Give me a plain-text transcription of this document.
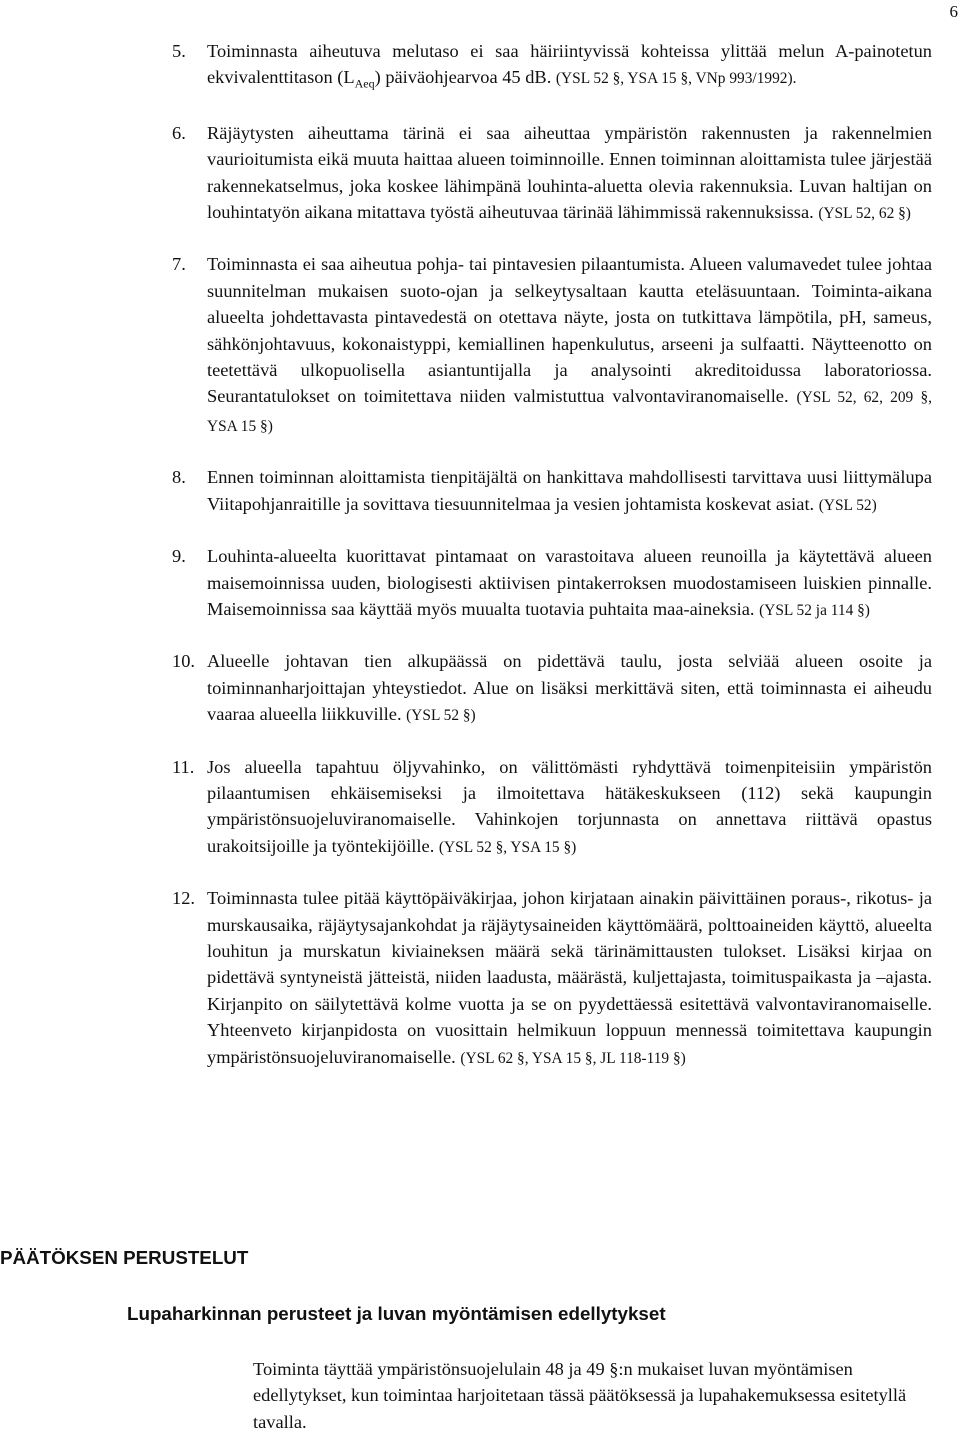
6
5. Toiminnasta aiheutuva melutaso ei saa häiriintyvissä kohteissa ylittää melun A-painotetun ekvivalenttitason $(L_{Aeq})$ päiväohjearvoa 45 dB. (YSL 52 §, YSA 15 §, VNp 993/1992).
6. Räjäytysten aiheuttama tärinä ei saa aiheuttaa ympäristön rakennusten ja rakennelmien vaurioitumista eikä muuta haittaa alueen toiminnoille. Ennen toiminnan aloittamista tulee järjestää rakennekatselmus, joka koskee lähimpänä louhinta-aluetta olevia rakennuksia. Luvan haltijan on louhintatyön aikana mitattava työstä aiheutuvaa tärinää lähimmissä rakennuksissa. (YSL 52, 62 §)
7. Toiminnasta ei saa aiheutua pohja- tai pintavesien pilaantumista. Alueen valumavedet tulee johtaa suunnitelman mukaisen suoto-ojan ja selkeytysaltaan kautta eteläsuuntaan. Toiminta-aikana alueelta johdettavasta pintavedestä on otettava näyte, josta on tutkittava lämpötila, pH, sameus, sähkönjohtavuus, kokonaistyppi, kemiallinen hapenkulutus, arseeni ja sulfaatti. Näytteenotto on teetettävä ulkopuolisella asiantuntijalla ja analysointi akreditoidussa laboratoriossa. Seurantatulokset on toimitettava niiden valmistuttua valvontaviranomaiselle. (YSL 52, 62, 209 §, YSA 15 §)
8. Ennen toiminnan aloittamista tienpitäjältä on hankittava mahdollisesti tarvittava uusi liittymälupa Viitapohjanraitille ja sovittava tiesuunnitelmaa ja vesien johtamista koskevat asiat. (YSL 52)
9. Louhinta-alueelta kuorittavat pintamaat on varastoitava alueen reunoilla ja käytettävä alueen maisemoinnissa uuden, biologisesti aktiivisen pintakerroksen muodostamiseen luiskien pinnalle. Maisemoinnissa saa käyttää myös muualta tuotavia puhtaita maa-aineksia. (YSL 52 ja 114 §)
10. Alueelle johtavan tien alkupäässä on pidettävä taulu, josta selviää alueen osoite ja toiminnanharjoittajan yhteystiedot. Alue on lisäksi merkittävä siten, että toiminnasta ei aiheudu vaaraa alueella liikkuville. (YSL 52 §)
11. Jos alueella tapahtuu öljyvahinko, on välittömästi ryhdyttävä toimenpiteisiin ympäristön pilaantumisen ehkäisemiseksi ja ilmoitettava hätäkeskukseen (112) sekä kaupungin ympäristönsuojeluviranomaiselle. Vahinkojen torjunnasta on annettava riittävä opastus urakoitsijoille ja työntekijöille. (YSL 52 §, YSA 15 §)
12. Toiminnasta tulee pitää käyttöpäiväkirjaa, johon kirjataan ainakin päivittäinen poraus-, rikotus- ja murskausaika, räjäytysajankohdat ja räjäytysaineiden käyttömäärä, polttoaineiden käyttö, alueelta louhitun ja murskatun kiviaineksen määrä sekä tärinämittausten tulokset. Lisäksi kirjaa on pidettävä syntyneistä jätteistä, niiden laadusta, määrästä, kuljettajasta, toimituspaikasta ja –ajasta. Kirjanpito on säilytettävä kolme vuotta ja se on pyydettäessä esitettävä valvontaviranomaiselle. Yhteenveto kirjanpidosta on vuosittain helmikuun loppuun mennessä toimitettava kaupungin ympäristönsuojeluviranomaiselle. (YSL 62 §, YSA 15 §, JL 118-119 §)
PÄÄTÖKSEN PERUSTELUT
Lupaharkinnan perusteet ja luvan myöntämisen edellytykset
Toiminta täyttää ympäristönsuojelulain 48 ja 49 §:n mukaiset luvan myöntämisen edellytykset, kun toimintaa harjoitetaan tässä päätöksessä ja lupahakemuksessa esitetyllä tavalla.
